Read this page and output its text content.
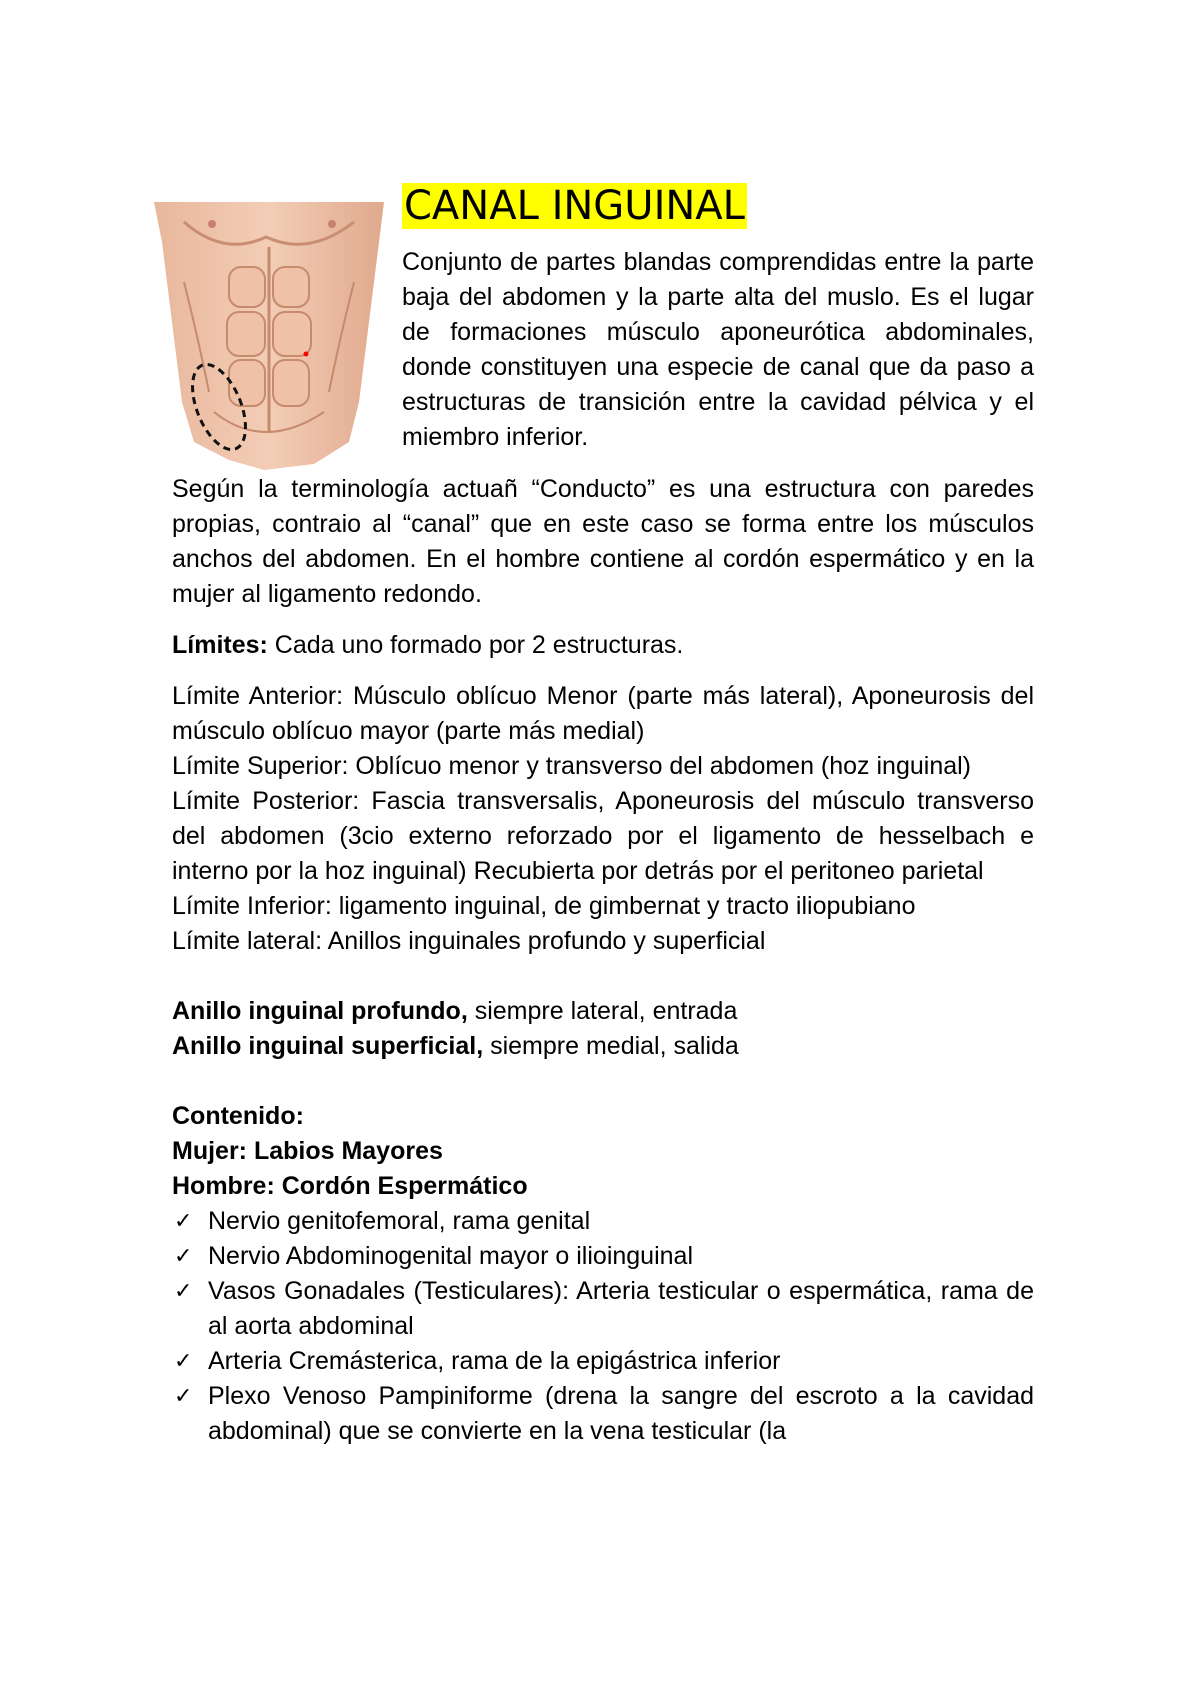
CANAL INGUINAL

Conjunto de partes blandas comprendidas entre la parte baja del abdomen y la parte alta del muslo. Es el lugar de formaciones músculo aponeurótica abdominales, donde constituyen una especie de canal que da paso a estructuras de transición entre la cavidad pélvica y el miembro inferior.

Según la terminología actuañ “Conducto” es una estructura con paredes propias, contraio al “canal” que en este caso se forma entre los músculos anchos del abdomen. En el hombre contiene al cordón espermático y en la mujer al ligamento redondo.

Límites: Cada uno formado por 2 estructuras.

Límite Anterior: Músculo oblícuo Menor (parte más lateral), Aponeurosis del músculo oblícuo mayor (parte más medial)

Límite Superior: Oblícuo menor y transverso del abdomen (hoz inguinal)

Límite Posterior: Fascia transversalis, Aponeurosis del músculo transverso del abdomen (3cio externo reforzado por el ligamento de hesselbach e interno por la hoz inguinal) Recubierta por detrás por el peritoneo parietal

Límite Inferior: ligamento inguinal, de gimbernat y tracto iliopubiano

Límite lateral: Anillos inguinales profundo y superficial

Anillo inguinal profundo, siempre lateral, entrada

Anillo inguinal superficial, siempre medial, salida

Contenido:

Mujer: Labios Mayores

Hombre: Cordón Espermático

✓ Nervio genitofemoral, rama genital
✓ Nervio Abdominogenital mayor o ilioinguinal
✓ Vasos Gonadales (Testiculares): Arteria testicular o espermática, rama de al aorta abdominal
✓ Arteria Cremásterica, rama de la epigástrica inferior
✓ Plexo Venoso Pampiniforme (drena la sangre del escroto a la cavidad abdominal) que se convierte en la vena testicular (la
